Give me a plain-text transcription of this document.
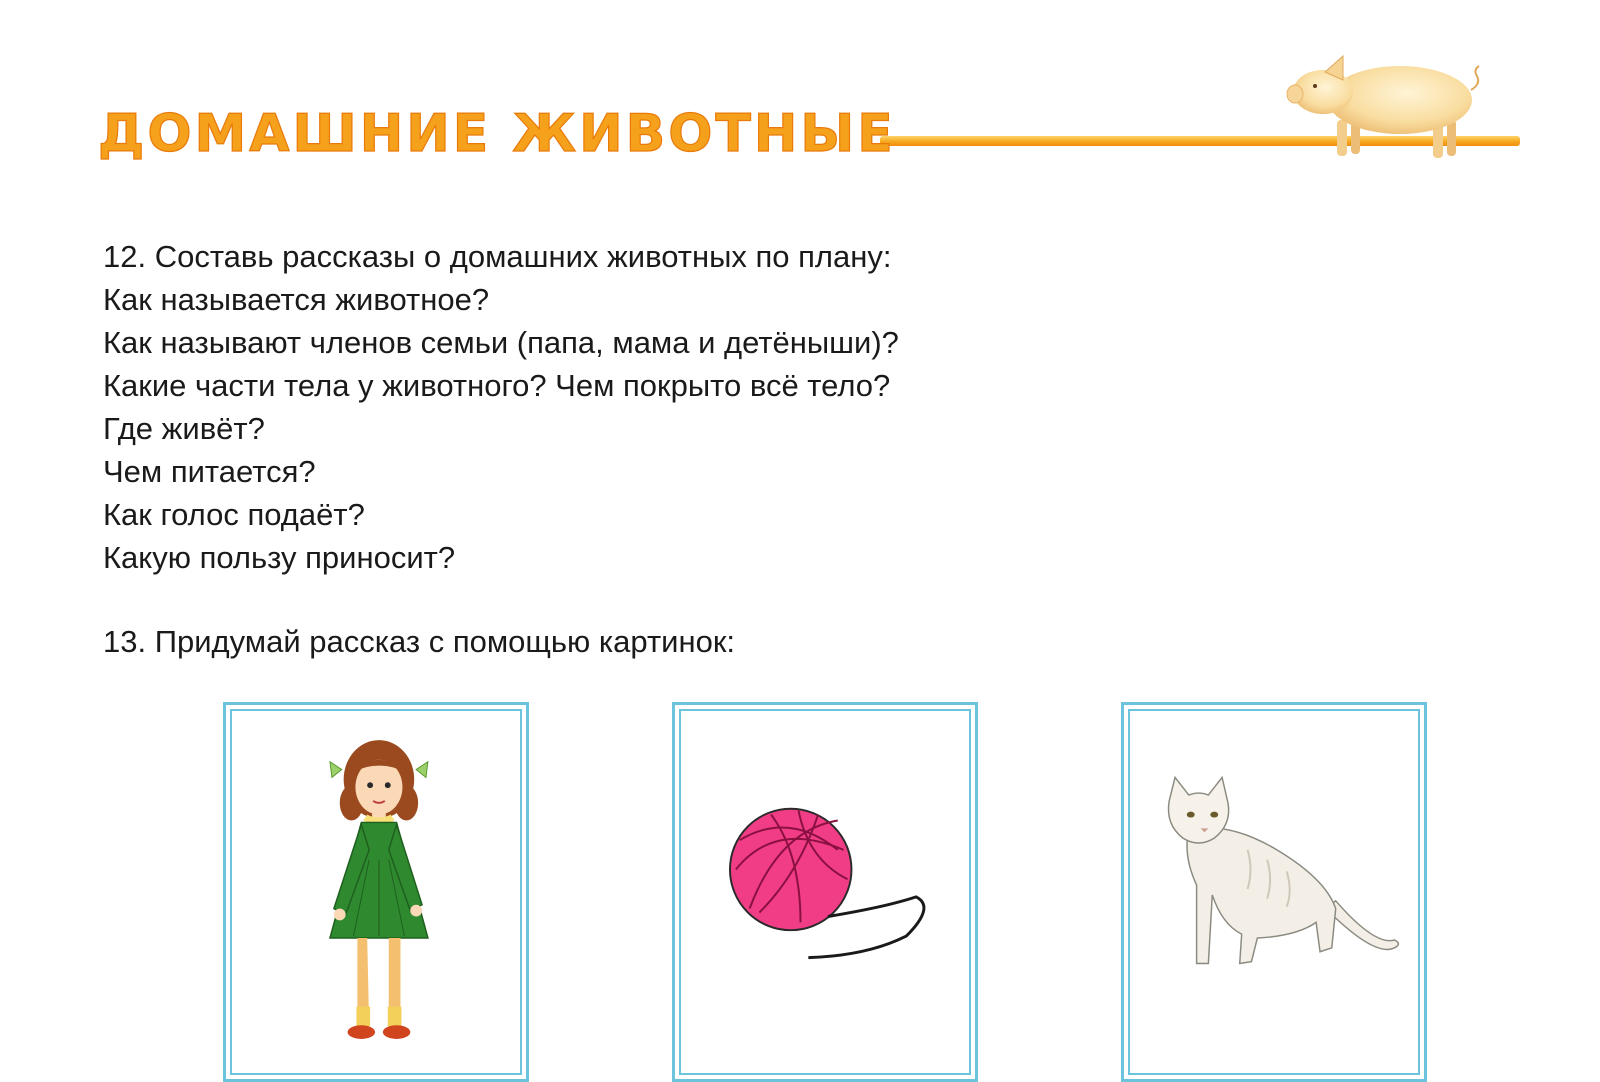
ДОМАШНИЕ ЖИВОТНЫЕ
12. Составь рассказы о домашних животных по плану:
Как называется животное?
Как называют членов семьи (папа, мама и детёныши)?
Какие части тела у животного? Чем покрыто всё тело?
Где живёт?
Чем питается?
Как голос подаёт?
Какую пользу приносит?

13. Придумай рассказ с помощью картинок:
